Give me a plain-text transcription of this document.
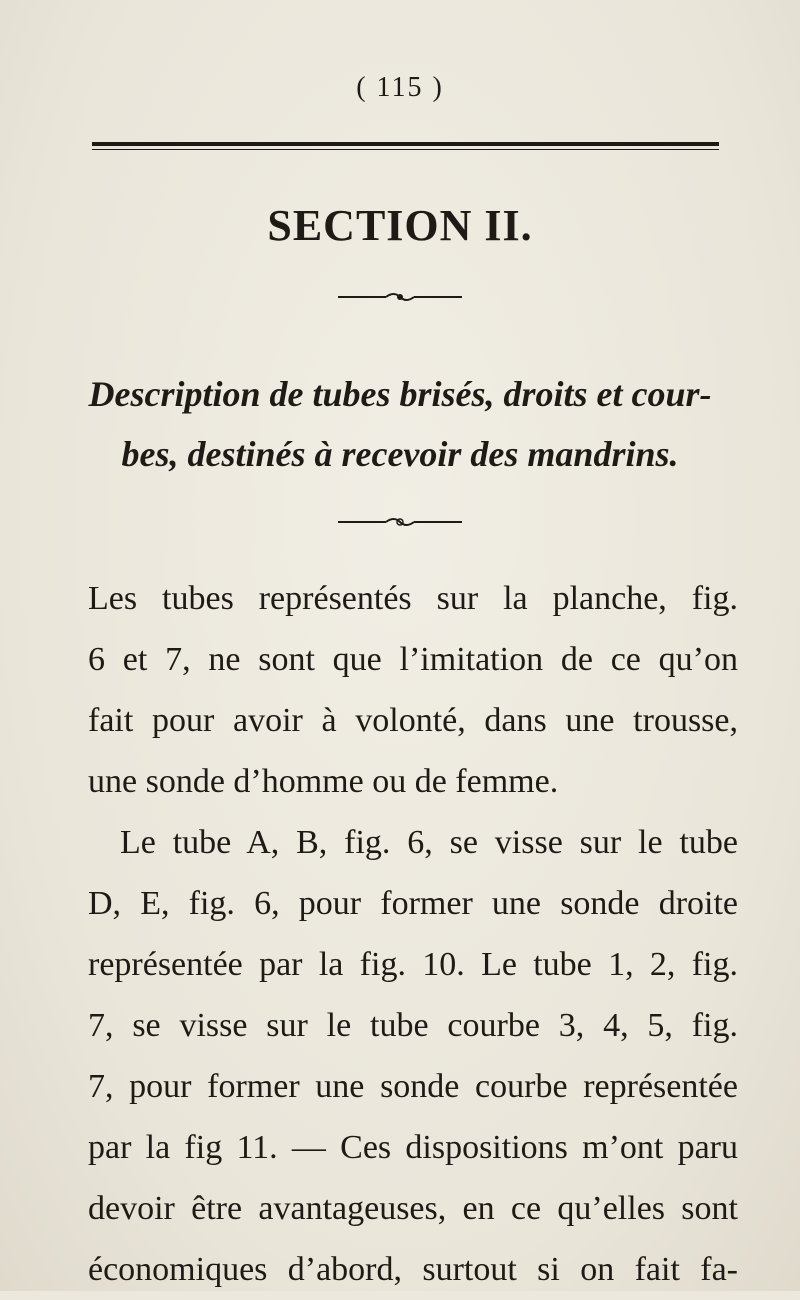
( 115 )
SECTION II.
Description de tubes brisés, droits et cour-
bes, destinés à recevoir des mandrins.
Les tubes représentés sur la planche, fig.
6 et 7, ne sont que l’imitation de ce qu’on
fait pour avoir à volonté, dans une trousse,
une sonde d’homme ou de femme.
Le tube A, B, fig. 6, se visse sur le tube
D, E, fig. 6, pour former une sonde droite
représentée par la fig. 10. Le tube 1, 2, fig.
7, se visse sur le tube courbe 3, 4, 5, fig.
7, pour former une sonde courbe représentée
par la fig 11. — Ces dispositions m’ont paru
devoir être avantageuses, en ce qu’elles sont
économiques d’abord, surtout si on fait fa-
